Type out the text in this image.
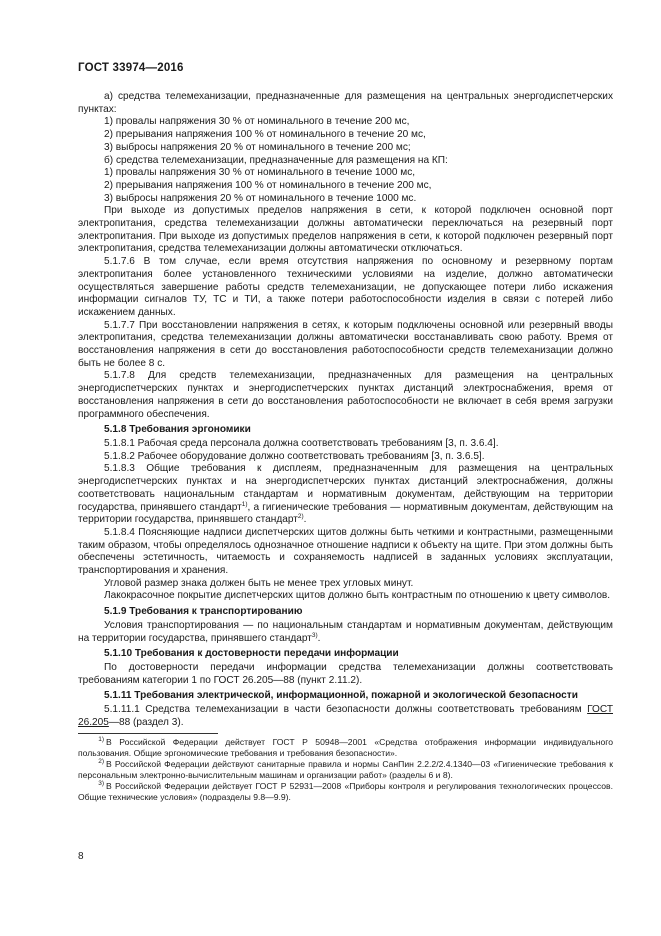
ГОСТ 33974—2016

а) средства телемеханизации, предназначенные для размещения на центральных энергодиспетчерских пунктах:

1) провалы напряжения 30 % от номинального в течение 200 мс,

2) прерывания напряжения 100 % от номинального в течение 20 мс,

3) выбросы напряжения 20 % от номинального в течение 200 мс;

б) средства телемеханизации, предназначенные для размещения на КП:

1) провалы напряжения 30 % от номинального в течение 1000 мс,

2) прерывания напряжения 100 % от номинального в течение 200 мс,

3) выбросы напряжения 20 % от номинального в течение 1000 мс.

При выходе из допустимых пределов напряжения в сети, к которой подключен основной порт электропитания, средства телемеханизации должны автоматически переключаться на резервный порт электропитания. При выходе из допустимых пределов напряжения в сети, к которой подключен резервный порт электропитания, средства телемеханизации должны автоматически отключаться.

5.1.7.6 В том случае, если время отсутствия напряжения по основному и резервному портам электропитания более установленного техническими условиями на изделие, должно автоматически осуществляться завершение работы средств телемеханизации, не допускающее потери либо искажения информации сигналов ТУ, ТС и ТИ, а также потери работоспособности изделия в связи с потерей либо искажением данных.

5.1.7.7 При восстановлении напряжения в сетях, к которым подключены основной или резервный вводы электропитания, средства телемеханизации должны автоматически восстанавливать свою работу. Время от восстановления напряжения в сети до восстановления работоспособности средств телемеханизации должно быть не более 8 с.

5.1.7.8 Для средств телемеханизации, предназначенных для размещения на центральных энергодиспетчерских пунктах и энергодиспетчерских пунктах дистанций электроснабжения, время от восстановления напряжения в сети до восстановления работоспособности не включает в себя время загрузки программного обеспечения.

5.1.8 Требования эргономики

5.1.8.1 Рабочая среда персонала должна соответствовать требованиям [3, п. 3.6.4].

5.1.8.2 Рабочее оборудование должно соответствовать требованиям [3, п. 3.6.5].

5.1.8.3 Общие требования к дисплеям, предназначенным для размещения на центральных энергодиспетчерских пунктах и на энергодиспетчерских пунктах дистанций электроснабжения, должны соответствовать национальным стандартам и нормативным документам, действующим на территории государства, принявшего стандарт$^{1)}$, а гигиенические требования — нормативным документам, действующим на территории государства, принявшего стандарт$^{2)}$.

5.1.8.4 Поясняющие надписи диспетчерских щитов должны быть четкими и контрастными, размещенными таким образом, чтобы определялось однозначное отношение надписи к объекту на щите. При этом должны быть обеспечены эстетичность, читаемость и сохраняемость надписей в заданных условиях эксплуатации, транспортирования и хранения.

Угловой размер знака должен быть не менее трех угловых минут.

Лакокрасочное покрытие диспетчерских щитов должно быть контрастным по отношению к цвету символов.

5.1.9 Требования к транспортированию

Условия транспортирования — по национальным стандартам и нормативным документам, действующим на территории государства, принявшего стандарт$^{3)}$.

5.1.10 Требования к достоверности передачи информации

По достоверности передачи информации средства телемеханизации должны соответствовать требованиям категории 1 по ГОСТ 26.205—88 (пункт 2.11.2).

5.1.11 Требования электрической, информационной, пожарной и экологической безопасности

5.1.11.1 Средства телемеханизации в части безопасности должны соответствовать требованиям ГОСТ 26.205—88 (раздел 3).

$^{1)}$ В Российской Федерации действует ГОСТ Р 50948—2001 «Средства отображения информации индивидуального пользования. Общие эргономические требования и требования безопасности».

$^{2)}$ В Российской Федерации действуют санитарные правила и нормы СанПин 2.2.2/2.4.1340—03 «Гигиенические требования к персональным электронно-вычислительным машинам и организации работ» (разделы 6 и 8).

$^{3)}$ В Российской Федерации действует ГОСТ Р 52931—2008 «Приборы контроля и регулирования технологических процессов. Общие технические условия» (подразделы 9.8—9.9).

8
